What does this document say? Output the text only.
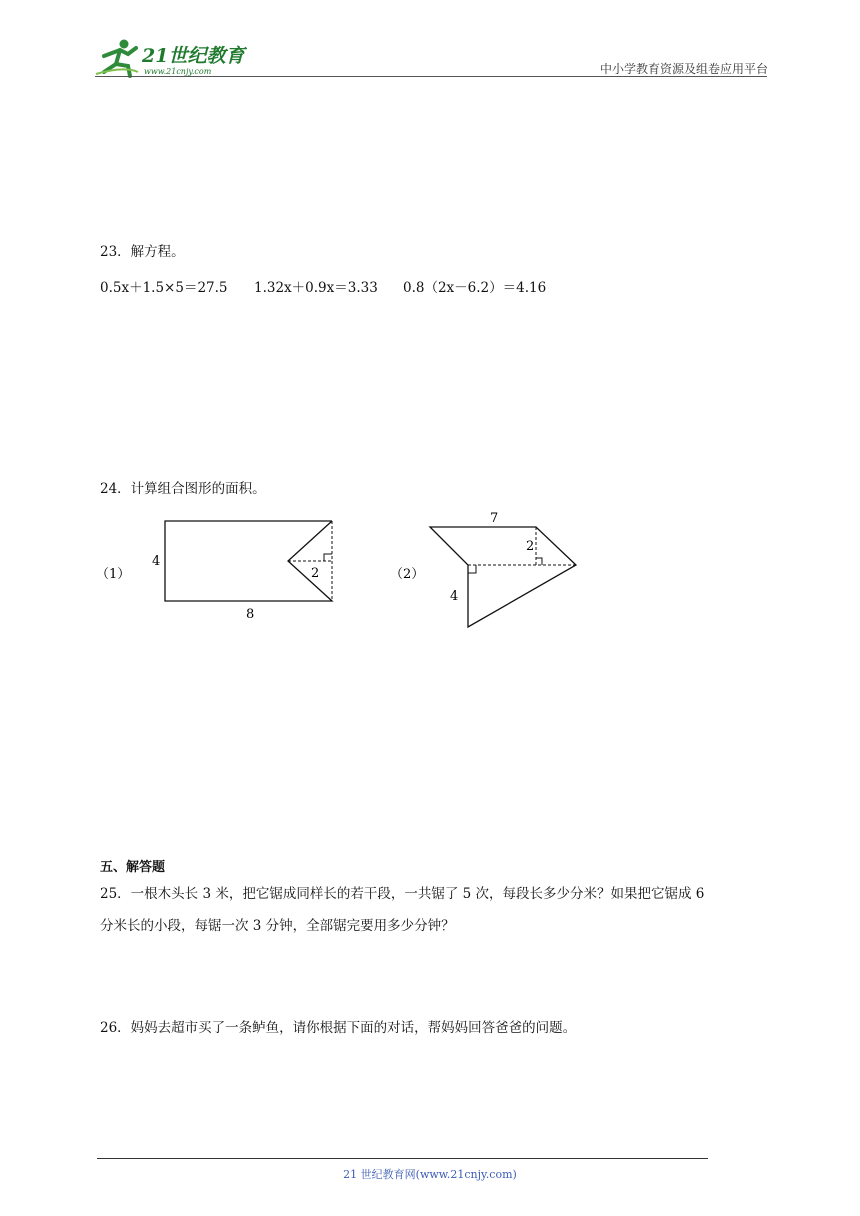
21世纪教育
www.21cnjy.com	中小学教育资源及组卷应用平台
23．解方程。
0.5x＋1.5×5＝27.5 1.32x＋0.9x＝3.33 0.8（2x－6.2）＝4.16
24．计算组合图形的面积。
（1）
4
8
2	（2）
7
2
4
五、解答题
25．一根木头长 3 米，把它锯成同样长的若干段，一共锯了 5 次，每段长多少分米？如果把它锯成 6
分米长的小段，每锯一次 3 分钟，全部锯完要用多少分钟？
26．妈妈去超市买了一条鲈鱼，请你根据下面的对话，帮妈妈回答爸爸的问题。
21 世纪教育网(www.21cnjy.com)
